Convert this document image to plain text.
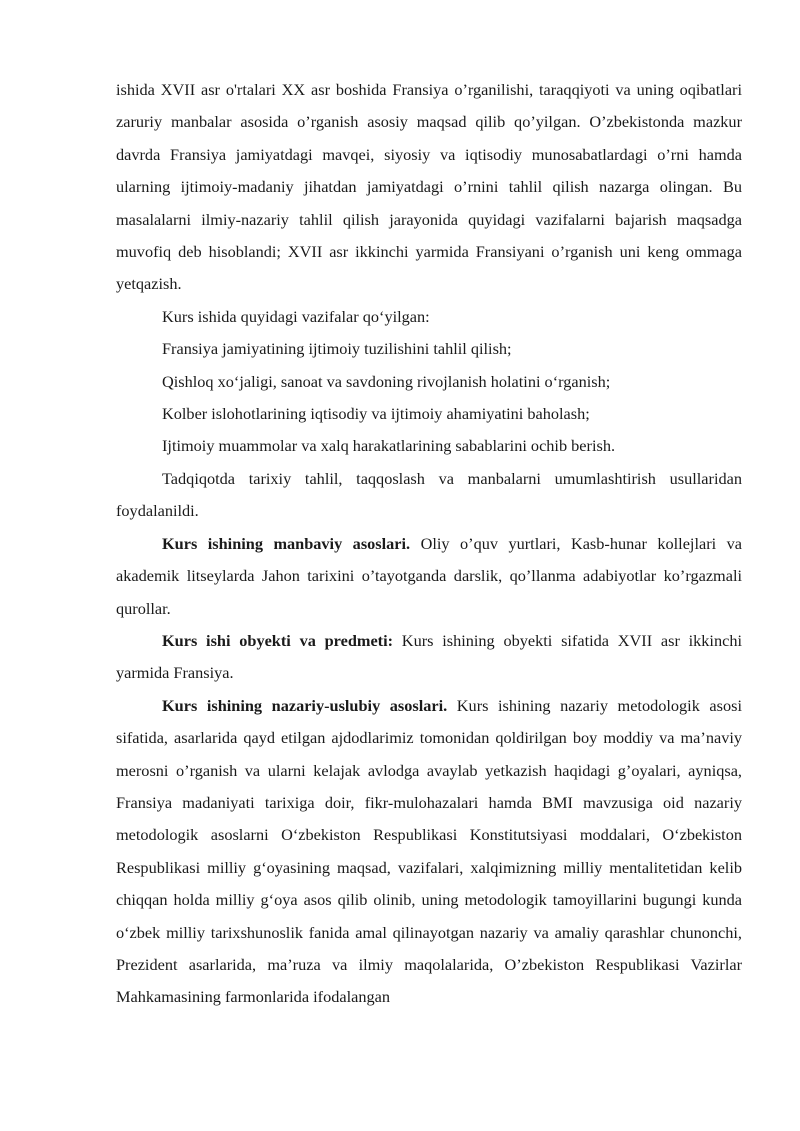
ishida XVII asr o'rtalari XX asr boshida Fransiya o’rganilishi, taraqqiyoti va uning oqibatlari zaruriy manbalar asosida o’rganish asosiy maqsad qilib qo’yilgan. O’zbekistonda mazkur davrda Fransiya jamiyatdagi mavqei, siyosiy va iqtisodiy munosabatlardagi o’rni hamda ularning ijtimoiy-madaniy jihatdan jamiyatdagi o’rnini tahlil qilish nazarga olingan. Bu masalalarni ilmiy-nazariy tahlil qilish jarayonida quyidagi vazifalarni bajarish maqsadga muvofiq deb hisoblandi; XVII asr ikkinchi yarmida Fransiyani o’rganish uni keng ommaga yetqazish.

Kurs ishida quyidagi vazifalar qo‘yilgan:

Fransiya jamiyatining ijtimoiy tuzilishini tahlil qilish;

Qishloq xo‘jaligi, sanoat va savdoning rivojlanish holatini o‘rganish;

Kolber islohotlarining iqtisodiy va ijtimoiy ahamiyatini baholash;

Ijtimoiy muammolar va xalq harakatlarining sabablarini ochib berish.

Tadqiqotda tarixiy tahlil, taqqoslash va manbalarni umumlashtirish usullaridan foydalanildi.

Kurs ishining manbaviy asoslari. Oliy o’quv yurtlari, Kasb-hunar kollejlari va akademik litseylarda Jahon tarixini o’tayotganda darslik, qo’llanma adabiyotlar ko’rgazmali qurollar.

Kurs ishi obyekti va predmeti: Kurs ishining obyekti sifatida XVII asr ikkinchi yarmida Fransiya.

Kurs ishining nazariy-uslubiy asoslari. Kurs ishining nazariy metodologik asosi sifatida, asarlarida qayd etilgan ajdodlarimiz tomonidan qoldirilgan boy moddiy va ma’naviy merosni o’rganish va ularni kelajak avlodga avaylab yetkazish haqidagi g’oyalari, ayniqsa, Fransiya madaniyati tarixiga doir, fikr-mulohazalari hamda BMI mavzusiga oid nazariy metodologik asoslarni O‘zbekiston Respublikasi Konstitutsiyasi moddalari, O‘zbekiston Respublikasi milliy g‘oyasining maqsad, vazifalari, xalqimizning milliy mentalitetidan kelib chiqqan holda milliy g‘oya asos qilib olinib, uning metodologik tamoyillarini bugungi kunda o‘zbek milliy tarixshunoslik fanida amal qilinayotgan nazariy va amaliy qarashlar chunonchi, Prezident asarlarida, ma’ruza va ilmiy maqolalarida, O’zbekiston Respublikasi Vazirlar Mahkamasining farmonlarida ifodalangan
